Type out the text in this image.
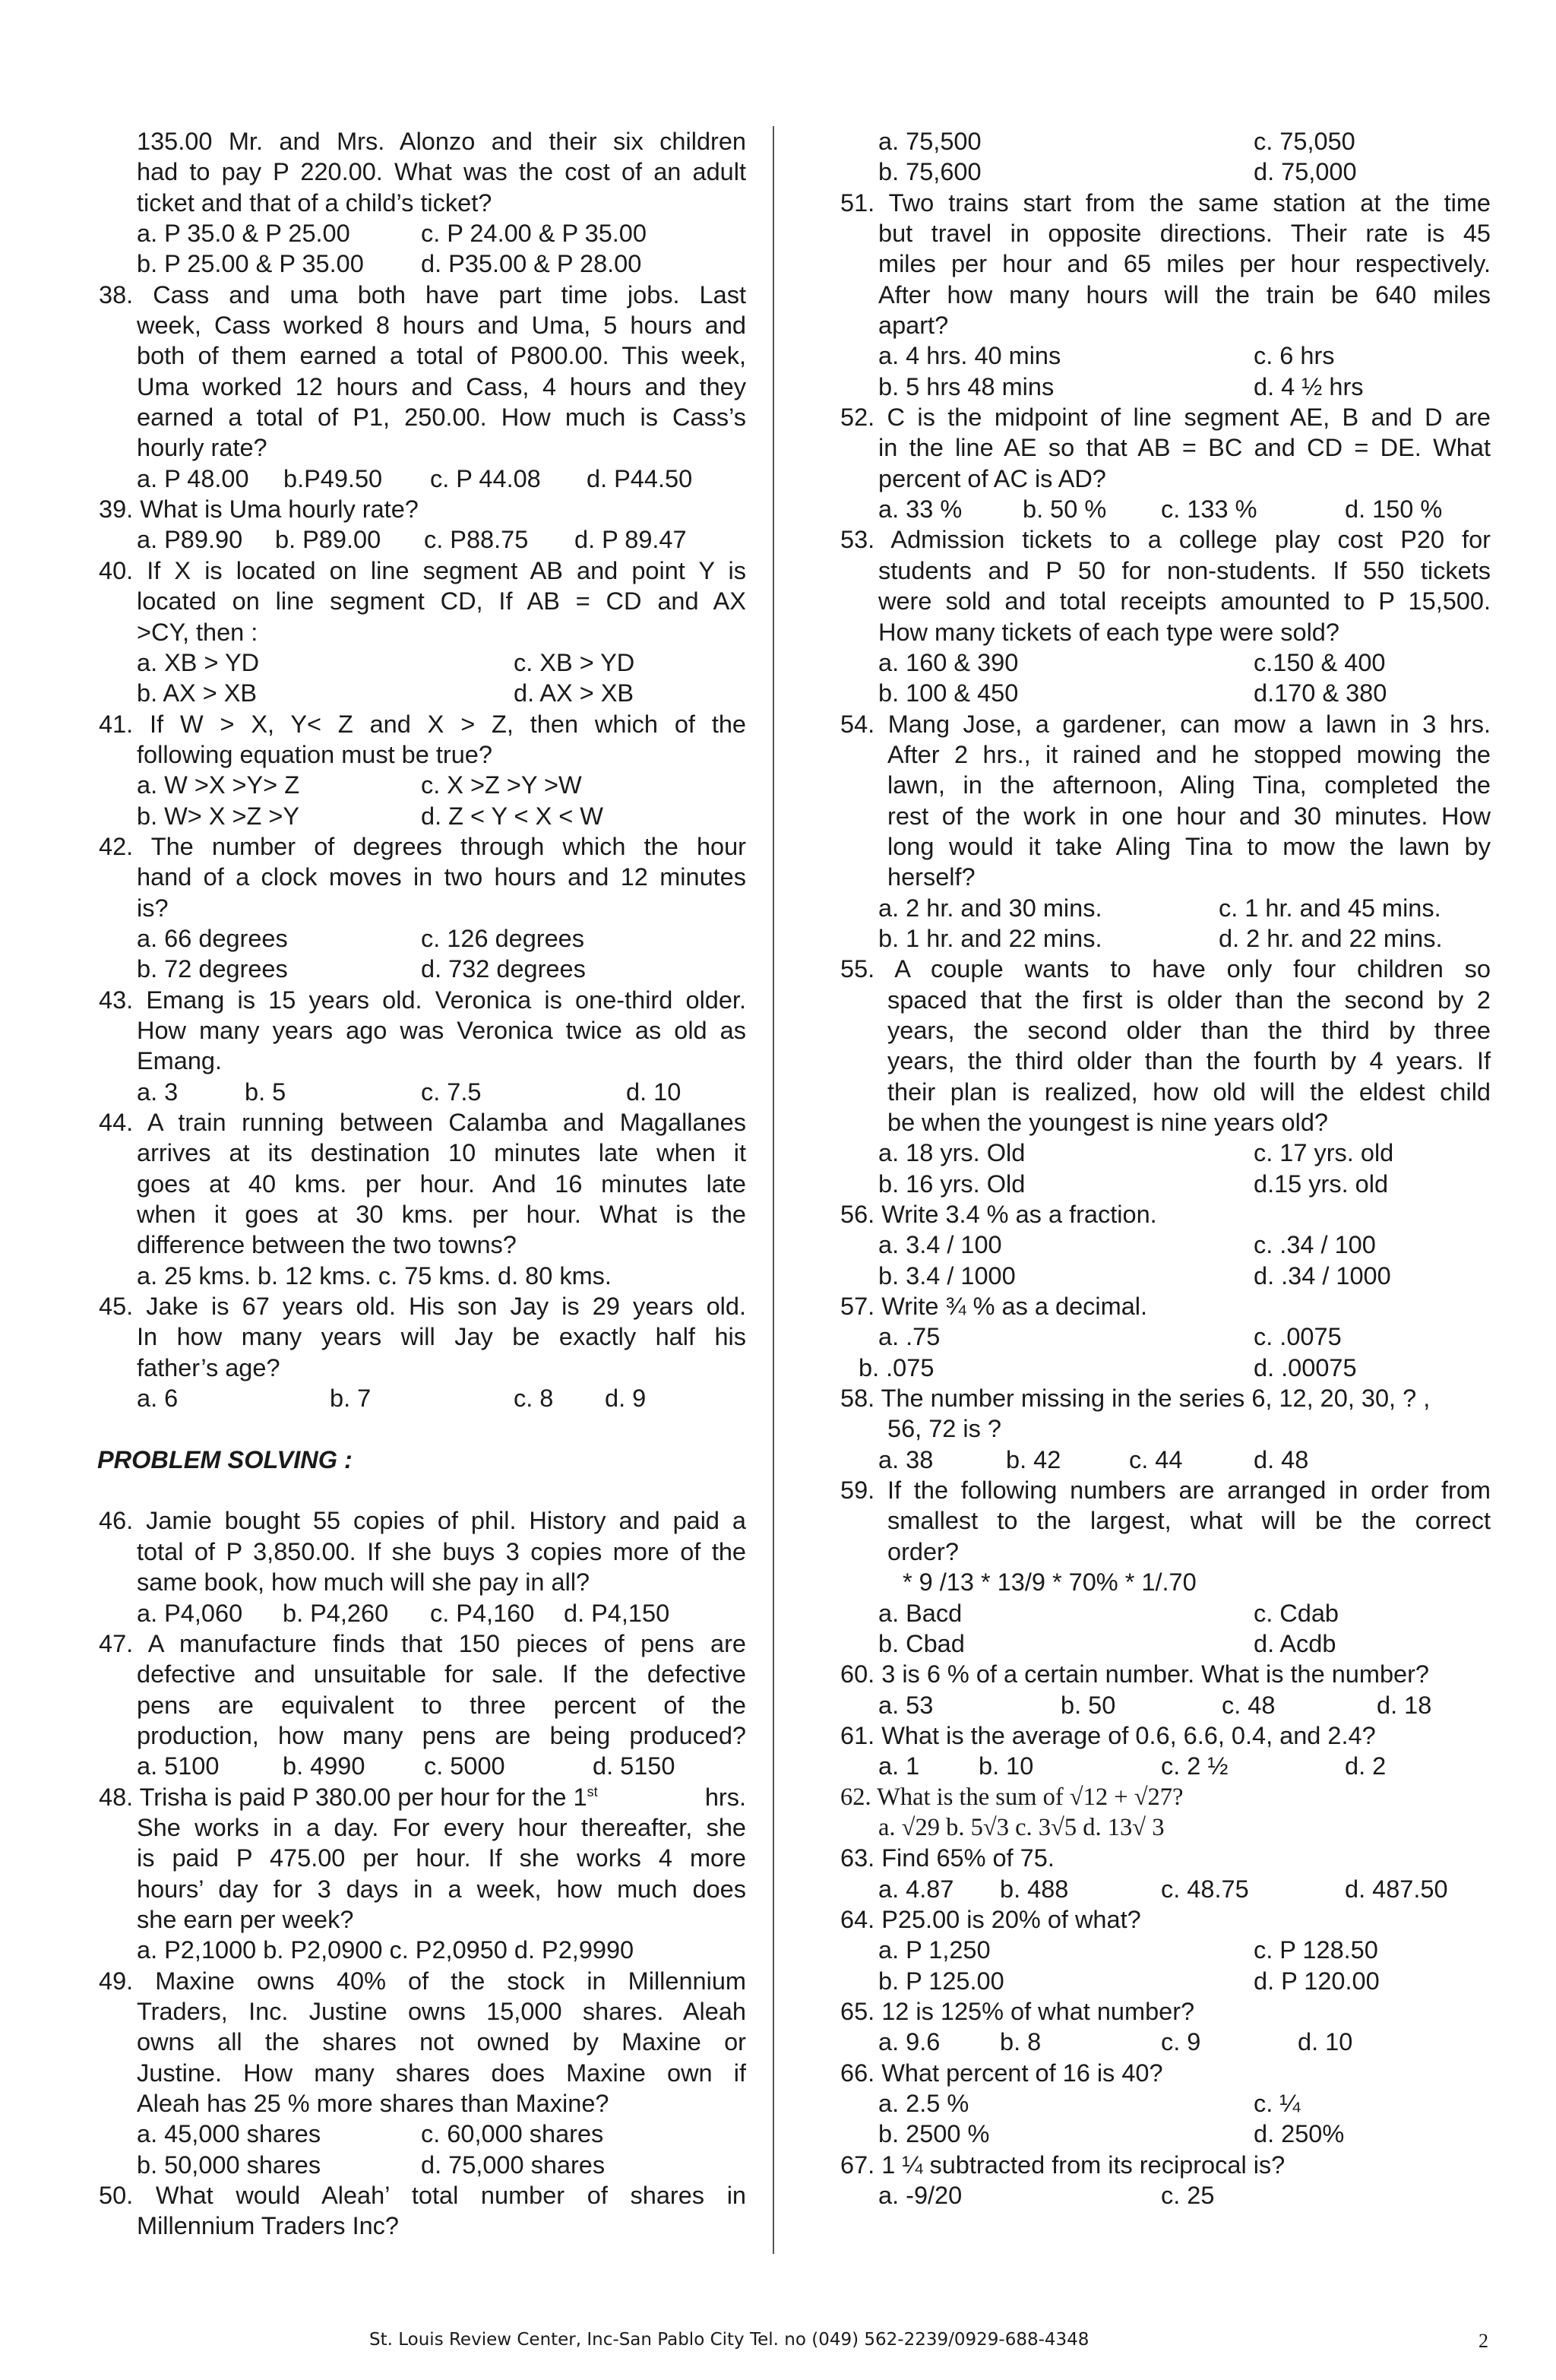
135.00 Mr. and Mrs. Alonzo and their six children
had to pay P 220.00. What was the cost of an adult
ticket and that of a child’s ticket?
a. P 35.0 & P 25.00	c. P 24.00 & P 35.00
b. P 25.00 & P 35.00 d. P35.00 & P 28.00
38. Cass and uma both have part time jobs. Last
week, Cass worked 8 hours and Uma, 5 hours and
both of them earned a total of P800.00. This week,
Uma worked 12 hours and Cass, 4 hours and they
earned a total of P1, 250.00. How much is Cass’s
hourly rate?
a. P 48.00 b.P49.50 c. P 44.08 d. P44.50
39. What is Uma hourly rate?
a. P89.90 b. P89.00 c. P88.75 d. P 89.47
40. If X is located on line segment AB and point Y is
located on line segment CD, If AB = CD and AX
>CY, then :
a. XB > YD	c. XB > YD
b. AX > XB	d. AX > XB
41. If W > X, Y< Z and X > Z, then which of the
following equation must be true?
a. W >X >Y> Z	c. X >Z >Y >W
b. W> X >Z >Y	d. Z < Y < X < W
42. The number of degrees through which the hour
hand of a clock moves in two hours and 12 minutes
is?
a. 66 degrees	c. 126 degrees
b. 72 degrees	d. 732 degrees
43. Emang is 15 years old. Veronica is one-third older.
How many years ago was Veronica twice as old as
Emang.
a. 3	b. 5	c. 7.5	d. 10
44. A train running between Calamba and Magallanes
arrives at its destination 10 minutes late when it
goes at 40 kms. per hour. And 16 minutes late
when it goes at 30 kms. per hour. What is the
difference between the two towns?
a. 25 kms. b. 12 kms. c. 75 kms. d. 80 kms.
45. Jake is 67 years old. His son Jay is 29 years old.
In how many years will Jay be exactly half his
father’s age?
a. 6	b. 7	c. 8 d. 9
PROBLEM SOLVING :
46. Jamie bought 55 copies of phil. History and paid a
total of P 3,850.00. If she buys 3 copies more of the
same book, how much will she pay in all?
a. P4,060 b. P4,260 c. P4,160 d. P4,150
47. A manufacture finds that 150 pieces of pens are
defective and unsuitable for sale. If the defective
pens are equivalent to three percent of the
production, how many pens are being produced?
a. 5100	b. 4990 c. 5000	d. 5150
48. Trisha is paid P 380.00 per hour for the 1st	hrs.
She works in a day. For every hour thereafter, she
is paid P 475.00 per hour. If she works 4 more
hours’ day for 3 days in a week, how much does
she earn per week?
a. P2,1000 b. P2,0900 c. P2,0950 d. P2,9990
49. Maxine owns 40% of the stock in Millennium
Traders, Inc. Justine owns 15,000 shares. Aleah
owns all the shares not owned by Maxine or
Justine. How many shares does Maxine own if
Aleah has 25 % more shares than Maxine?
a. 45,000 shares	c. 60,000 shares
b. 50,000 shares	d. 75,000 shares
50. What would Aleah’ total number of shares in
Millennium Traders Inc?
a. 75,500	c. 75,050
b. 75,600	d. 75,000
51. Two trains start from the same station at the time
but travel in opposite directions. Their rate is 45
miles per hour and 65 miles per hour respectively.
After how many hours will the train be 640 miles
apart?
a. 4 hrs. 40 mins	c. 6 hrs
b. 5 hrs 48 mins	d. 4 ½ hrs
52. C is the midpoint of line segment AE, B and D are
in the line AE so that AB = BC and CD = DE. What
percent of AC is AD?
a. 33 % b. 50 % c. 133 %	d. 150 %
53. Admission tickets to a college play cost P20 for
students and P 50 for non-students. If 550 tickets
were sold and total receipts amounted to P 15,500.
How many tickets of each type were sold?
a. 160 & 390	c.150 & 400
b. 100 & 450	d.170 & 380
54. Mang Jose, a gardener, can mow a lawn in 3 hrs.
After 2 hrs., it rained and he stopped mowing the
lawn, in the afternoon, Aling Tina, completed the
rest of the work in one hour and 30 minutes. How
long would it take Aling Tina to mow the lawn by
herself?
a. 2 hr. and 30 mins.	c. 1 hr. and 45 mins.
b. 1 hr. and 22 mins.	d. 2 hr. and 22 mins.
55. A couple wants to have only four children so
spaced that the first is older than the second by 2
years, the second older than the third by three
years, the third older than the fourth by 4 years. If
their plan is realized, how old will the eldest child
be when the youngest is nine years old?
a. 18 yrs. Old	c. 17 yrs. old
b. 16 yrs. Old	d.15 yrs. old
56. Write 3.4 % as a fraction.
a. 3.4 / 100	c. .34 / 100
b. 3.4 / 1000	d. .34 / 1000
57. Write ¾ % as a decimal.
a. .75	c. .0075
b. .075	d. .00075
58. The number missing in the series 6, 12, 20, 30, ? ,
56, 72 is ?
a. 38	b. 42	c. 44	d. 48
59. If the following numbers are arranged in order from
smallest to the largest, what will be the correct
order?
* 9 /13 * 13/9 * 70% * 1/.70
a. Bacd	c. Cdab
b. Cbad	d. Acdb
60. 3 is 6 % of a certain number. What is the number?
a. 53	b. 50	c. 48	d. 18
61. What is the average of 0.6, 6.6, 0.4, and 2.4?
a. 1 b. 10	c. 2 ½	d. 2
62. What is the sum of √12 + √27?
a. √29 b. 5√3 c. 3√5 d. 13√ 3
63. Find 65% of 75.
a. 4.87 b. 488	c. 48.75	d. 487.50
64. P25.00 is 20% of what?
a. P 1,250	c. P 128.50
b. P 125.00	d. P 120.00
65. 12 is 125% of what number?
a. 9.6 b. 8	c. 9	d. 10
66. What percent of 16 is 40?
a. 2.5 %	c. ¼
b. 2500 %	d. 250%
67. 1 ¼ subtracted from its reciprocal is?
a. -9/20	c. 25
St. Louis Review Center, Inc-San Pablo City Tel. no (049) 562-2239/0929-688-4348	2
